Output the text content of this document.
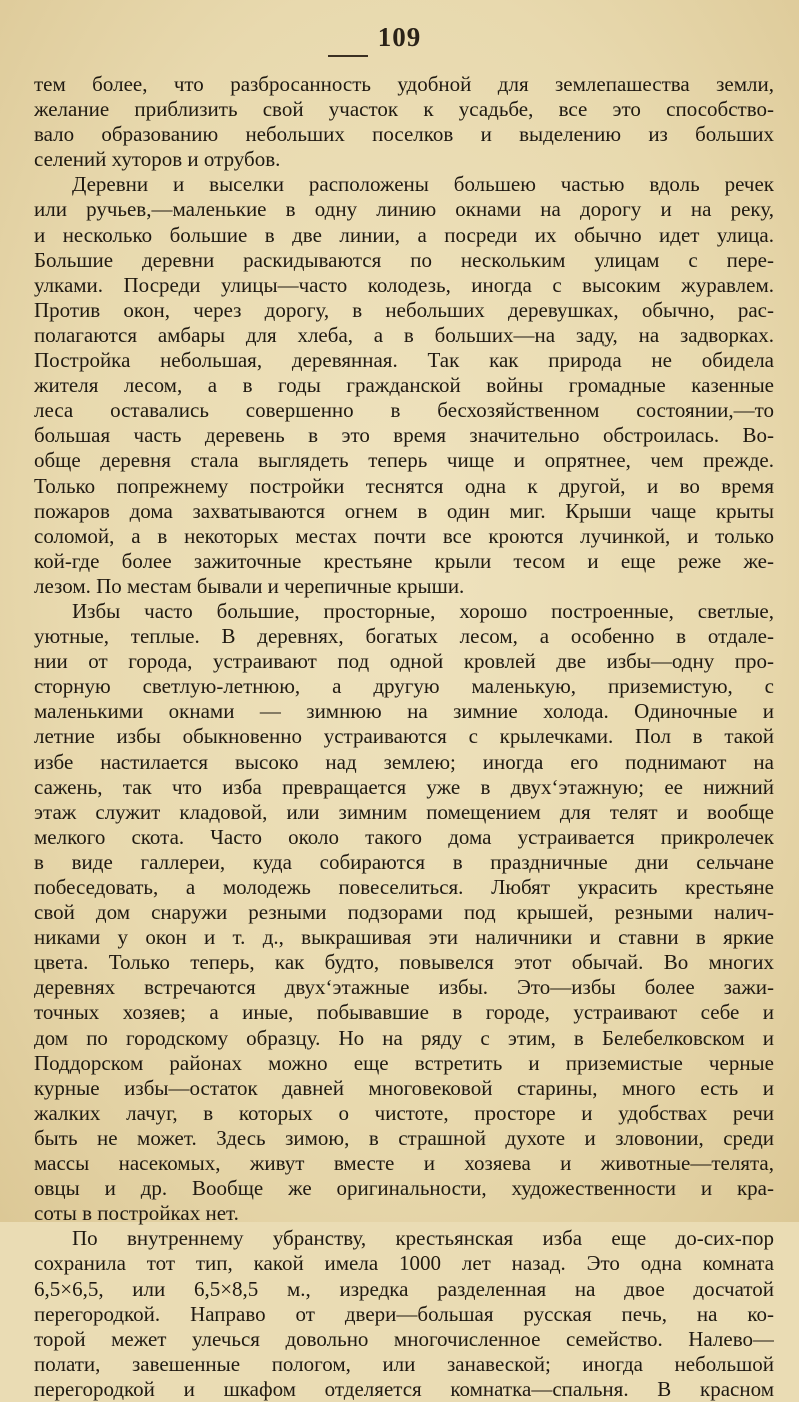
109
тем более, что разбросанность удобной для землепашества земли,
желание приблизить свой участок к усадьбе, все это способство-
вало образованию небольших поселков и выделению из больших
селений хуторов и отрубов.
Деревни и выселки расположены большею частью вдоль речек
или ручьев,—маленькие в одну линию окнами на дорогу и на реку,
и несколько большие в две линии, а посреди их обычно идет улица.
Большие деревни раскидываются по нескольким улицам с пере-
улками. Посреди улицы—часто колодезь, иногда с высоким журавлем.
Против окон, через дорогу, в небольших деревушках, обычно, рас-
полагаются амбары для хлеба, а в больших—на заду, на задворках.
Постройка небольшая, деревянная. Так как природа не обидела
жителя лесом, а в годы гражданской войны громадные казенные
леса оставались совершенно в бесхозяйственном состоянии,—то
большая часть деревень в это время значительно обстроилась. Во-
обще деревня стала выглядеть теперь чище и опрятнее, чем прежде.
Только попрежнему постройки теснятся одна к другой, и во время
пожаров дома захватываются огнем в один миг. Крыши чаще крыты
соломой, а в некоторых местах почти все кроются лучинкой, и только
кой-где более зажиточные крестьяне крыли тесом и еще реже же-
лезом. По местам бывали и черепичные крыши.
Избы часто большие, просторные, хорошо построенные, светлые,
уютные, теплые. В деревнях, богатых лесом, а особенно в отдале-
нии от города, устраивают под одной кровлей две избы—одну про-
сторную светлую-летнюю, а другую маленькую, приземистую, с
маленькими окнами — зимнюю на зимние холода. Одиночные и
летние избы обыкновенно устраиваются с крылечками. Пол в такой
избе настилается высоко над землею; иногда его поднимают на
сажень, так что изба превращается уже в двух‘этажную; ее нижний
этаж служит кладовой, или зимним помещением для телят и вообще
мелкого скота. Часто около такого дома устраивается прикролечек
в виде галлереи, куда собираются в праздничные дни сельчане
побеседовать, а молодежь повеселиться. Любят украсить крестьяне
свой дом снаружи резными подзорами под крышей, резными налич-
никами у окон и т. д., выкрашивая эти наличники и ставни в яркие
цвета. Только теперь, как будто, повывелся этот обычай. Во многих
деревнях встречаются двух‘этажные избы. Это—избы более зажи-
точных хозяев; а иные, побывавшие в городе, устраивают себе и
дом по городскому образцу. Но на ряду с этим, в Белебелковском и
Поддорском районах можно еще встретить и приземистые черные
курные избы—остаток давней многовековой старины, много есть и
жалких лачуг, в которых о чистоте, просторе и удобствах речи
быть не может. Здесь зимою, в страшной духоте и зловонии, среди
массы насекомых, живут вместе и хозяева и животные—телята,
овцы и др. Вообще же оригинальности, художественности и кра-
соты в постройках нет.
По внутреннему убранству, крестьянская изба еще до-сих-пор
сохранила тот тип, какой имела 1000 лет назад. Это одна комната
6,5×6,5, или 6,5×8,5 м., изредка разделенная на двое досчатой
перегородкой. Направо от двери—большая русская печь, на ко-
торой межет улечься довольно многочисленное семейство. Налево—
полати, завешенные пологом, или занавеской; иногда небольшой
перегородкой и шкафом отделяется комнатка—спальня. В красном
